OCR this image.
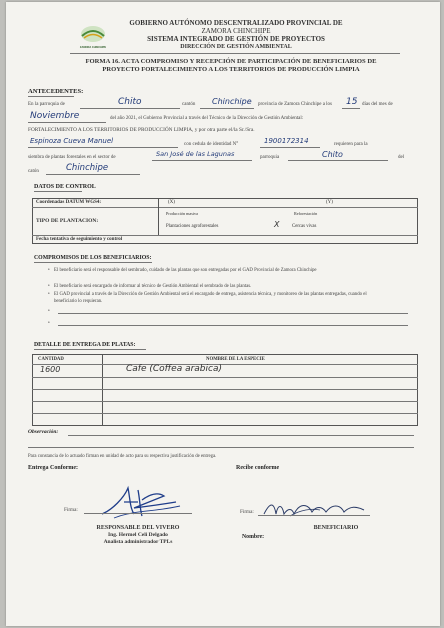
ZAMORA CHINCHIPE
GOBIERNO AUTÓNOMO DESCENTRALIZADO PROVINCIAL DE
ZAMORA CHINCHIPE
SISTEMA INTEGRADO DE GESTIÓN DE PROYECTOS
DIRECCIÓN DE GESTIÓN AMBIENTAL
FORMA 16. ACTA COMPROMISO Y RECEPCIÓN DE PARTICIPACIÓN DE BENEFICIARIOS DE
PROYECTO FORTALECIMIENTO A LOS TERRITORIOS DE PRODUCCIÓN LIMPIA
ANTECEDENTES:
En la parroquia de	Chito	cantón Chinchipe provincia de Zamora Chinchipe a los 15 días del mes de
Noviembre	del año 2021, el Gobierno Provincial a través del Técnico de la Dirección de Gestión Ambiental:
FORTALECIMIENTO A LOS TERRITORIOS DE PRODUCCIÓN LIMPIA, y por otra parte el/la Sr./Sra.
Espinoza Cueva Manuel	con cedula de identidad N°	1900172314	requieren para la
siembra de plantas forestales en el sector de	San José de las Lagunas	parroquia	Chito	del
catón	Chinchipe
DATOS DE CONTROL
Coordenadas DATUM WGS4:	(X)	(Y)
TIPO DE PLANTACION:
Producción masiva	Reforestación
Plantaciones agroforestales	X	Cercas vivas
Fecha tentativa de seguimiento y control
COMPROMISOS DE LOS BENEFICIARIOS:
• El beneficiario será el responsable del sembrado, cuidado de las plantas que son entregadas por el GAD Provincial de Zamora Chinchipe
• El beneficiario será encargado de informar al técnico de Gestión Ambiental el sembrado de las plantas.
• El GAD provincial a través de la Dirección de Gestión Ambiental será el encargado de entrega, asistencia técnica, y monitoreo de las plantas entregadas, cuando el beneficiario lo requieran.
•
•
DETALLE DE ENTREGA DE PLATAS:
CANTIDAD	NOMBRE DE LA ESPECIE
1600	Cafe (Coffea arabica)
Observación:
Para constancia de lo actuado firman en unidad de acto para su respectiva justificación de entrega.
Entrega Conforme:	Recibe conforme
Firma:	Firma:
RESPONSABLE DEL VIVERO
Ing. Hermel Celi Delgado
Analista administrador TPLs
BENEFICIARIO
Nombre:
